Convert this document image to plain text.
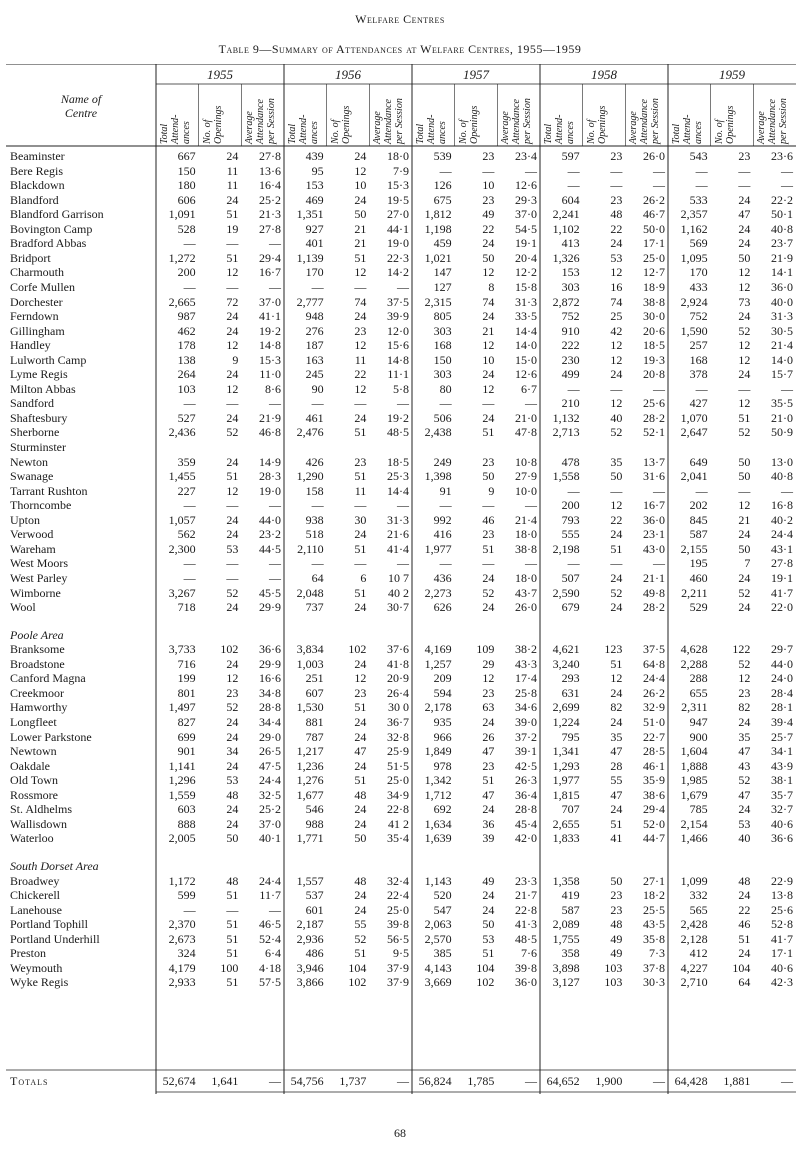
Welfare Centres
Table 9—Summary of Attendances at Welfare Centres, 1955—1959
Name of
Centre
1955
Total Attend- ances No. of Openings Average Attendance per Session
1956
Total Attend- ances No. of Openings Average Attendance per Session
1957
Total Attend- ances No. of Openings Average Attendance per Session
1958
Total Attend- ances No. of Openings Average Attendance per Session
1959
Total Attend- ances No. of Openings Average Attendance per Session
Beaminster	667	24	27·8	439	24	18·0	539	23	23·4	597	23	26·0	543	23	23·6
Bere Regis	150	11	13·6	95	12	7·9	—	—	—	—	—	—	—	—	—
Blackdown	180	11	16·4	153	10	15·3	126	10	12·6	—	—	—	—	—	—
Blandford	606	24	25·2	469	24	19·5	675	23	29·3	604	23	26·2	533	24	22·2
Blandford Garrison	1,091	51	21·3	1,351	50	27·0	1,812	49	37·0	2,241	48	46·7	2,357	47	50·1
Bovington Camp	528	19	27·8	927	21	44·1	1,198	22	54·5	1,102	22	50·0	1,162	24	40·8
Bradford Abbas	—	—	—	401	21	19·0	459	24	19·1	413	24	17·1	569	24	23·7
Bridport	1,272	51	29·4	1,139	51	22·3	1,021	50	20·4	1,326	53	25·0	1,095	50	21·9
Charmouth	200	12	16·7	170	12	14·2	147	12	12·2	153	12	12·7	170	12	14·1
Corfe Mullen	—	—	—	—	—	—	127	8	15·8	303	16	18·9	433	12	36·0
Dorchester	2,665	72	37·0	2,777	74	37·5	2,315	74	31·3	2,872	74	38·8	2,924	73	40·0
Ferndown	987	24	41·1	948	24	39·9	805	24	33·5	752	25	30·0	752	24	31·3
Gillingham	462	24	19·2	276	23	12·0	303	21	14·4	910	42	20·6	1,590	52	30·5
Handley	178	12	14·8	187	12	15·6	168	12	14·0	222	12	18·5	257	12	21·4
Lulworth Camp	138	9	15·3	163	11	14·8	150	10	15·0	230	12	19·3	168	12	14·0
Lyme Regis	264	24	11·0	245	22	11·1	303	24	12·6	499	24	20·8	378	24	15·7
Milton Abbas	103	12	8·6	90	12	5·8	80	12	6·7	—	—	—	—	—	—
Sandford	—	—	—	—	—	—	—	—	—	210	12	25·6	427	12	35·5
Shaftesbury	527	24	21·9	461	24	19·2	506	24	21·0	1,132	40	28·2	1,070	51	21·0
Sherborne	2,436	52	46·8	2,476	51	48·5	2,438	51	47·8	2,713	52	52·1	2,647	52	50·9
Sturminster
Newton	359	24	14·9	426	23	18·5	249	23	10·8	478	35	13·7	649	50	13·0
Swanage	1,455	51	28·3	1,290	51	25·3	1,398	50	27·9	1,558	50	31·6	2,041	50	40·8
Tarrant Rushton	227	12	19·0	158	11	14·4	91	9	10·0	—	—	—	—	—	—
Thorncombe	—	—	—	—	—	—	—	—	—	200	12	16·7	202	12	16·8
Upton	1,057	24	44·0	938	30	31·3	992	46	21·4	793	22	36·0	845	21	40·2
Verwood	562	24	23·2	518	24	21·6	416	23	18·0	555	24	23·1	587	24	24·4
Wareham	2,300	53	44·5	2,110	51	41·4	1,977	51	38·8	2,198	51	43·0	2,155	50	43·1
West Moors	—	—	—	—	—	—	—	—	—	—	—	—	195	7	27·8
West Parley	—	—	—	64	6	10 7	436	24	18·0	507	24	21·1	460	24	19·1
Wimborne	3,267	52	45·5	2,048	51	40 2	2,273	52	43·7	2,590	52	49·8	2,211	52	41·7
Wool	718	24	29·9	737	24	30·7	626	24	26·0	679	24	28·2	529	24	22·0
Poole Area
Branksome	3,733	102	36·6	3,834	102	37·6	4,169	109	38·2	4,621	123	37·5	4,628	122	29·7
Broadstone	716	24	29·9	1,003	24	41·8	1,257	29	43·3	3,240	51	64·8	2,288	52	44·0
Canford Magna	199	12	16·6	251	12	20·9	209	12	17·4	293	12	24·4	288	12	24·0
Creekmoor	801	23	34·8	607	23	26·4	594	23	25·8	631	24	26·2	655	23	28·4
Hamworthy	1,497	52	28·8	1,530	51	30 0	2,178	63	34·6	2,699	82	32·9	2,311	82	28·1
Longfleet	827	24	34·4	881	24	36·7	935	24	39·0	1,224	24	51·0	947	24	39·4
Lower Parkstone	699	24	29·0	787	24	32·8	966	26	37·2	795	35	22·7	900	35	25·7
Newtown	901	34	26·5	1,217	47	25·9	1,849	47	39·1	1,341	47	28·5	1,604	47	34·1
Oakdale	1,141	24	47·5	1,236	24	51·5	978	23	42·5	1,293	28	46·1	1,888	43	43·9
Old Town	1,296	53	24·4	1,276	51	25·0	1,342	51	26·3	1,977	55	35·9	1,985	52	38·1
Rossmore	1,559	48	32·5	1,677	48	34·9	1,712	47	36·4	1,815	47	38·6	1,679	47	35·7
St. Aldhelms	603	24	25·2	546	24	22·8	692	24	28·8	707	24	29·4	785	24	32·7
Wallisdown	888	24	37·0	988	24	41 2	1,634	36	45·4	2,655	51	52·0	2,154	53	40·6
Waterloo	2,005	50	40·1	1,771	50	35·4	1,639	39	42·0	1,833	41	44·7	1,466	40	36·6
South Dorset Area
Broadwey	1,172	48	24·4	1,557	48	32·4	1,143	49	23·3	1,358	50	27·1	1,099	48	22·9
Chickerell	599	51	11·7	537	24	22·4	520	24	21·7	419	23	18·2	332	24	13·8
Lanehouse	—	—	—	601	24	25·0	547	24	22·8	587	23	25·5	565	22	25·6
Portland Tophill	2,370	51	46·5	2,187	55	39·8	2,063	50	41·3	2,089	48	43·5	2,428	46	52·8
Portland Underhill	2,673	51	52·4	2,936	52	56·5	2,570	53	48·5	1,755	49	35·8	2,128	51	41·7
Preston	324	51	6·4	486	51	9·5	385	51	7·6	358	49	7·3	412	24	17·1
Weymouth	4,179	100	4·18	3,946	104	37·9	4,143	104	39·8	3,898	103	37·8	4,227	104	40·6
Wyke Regis	2,933	51	57·5	3,866	102	37·9	3,669	102	36·0	3,127	103	30·3	2,710	64	42·3
Totals	52,674	1,641	— 54,756	1,737	— 56,824	1,785	— 64,652	1,900	— 64,428	1,881	—
68
